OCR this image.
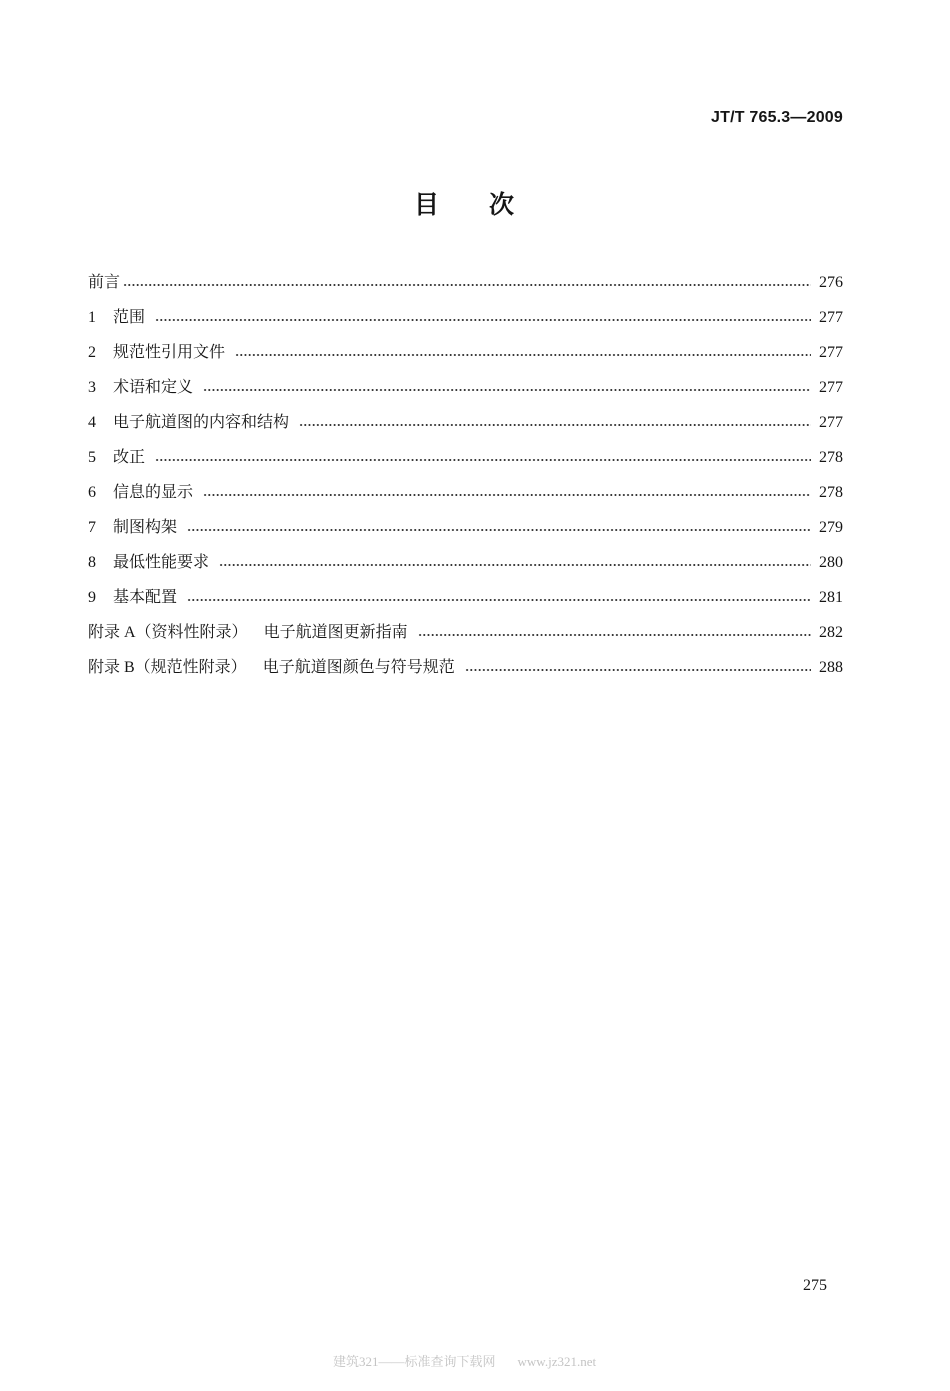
JT/T 765.3—2009
目　　次
前言	276
1	范围	277
2	规范性引用文件	277
3	术语和定义	277
4	电子航道图的内容和结构	277
5	改正	278
6	信息的显示	278
7	制图构架	279
8	最低性能要求	280
9	基本配置	281
附录 A（资料性附录） 电子航道图更新指南	282
附录 B（规范性附录） 电子航道图颜色与符号规范	288
275
建筑321——标准查询下载网 www.jz321.net
